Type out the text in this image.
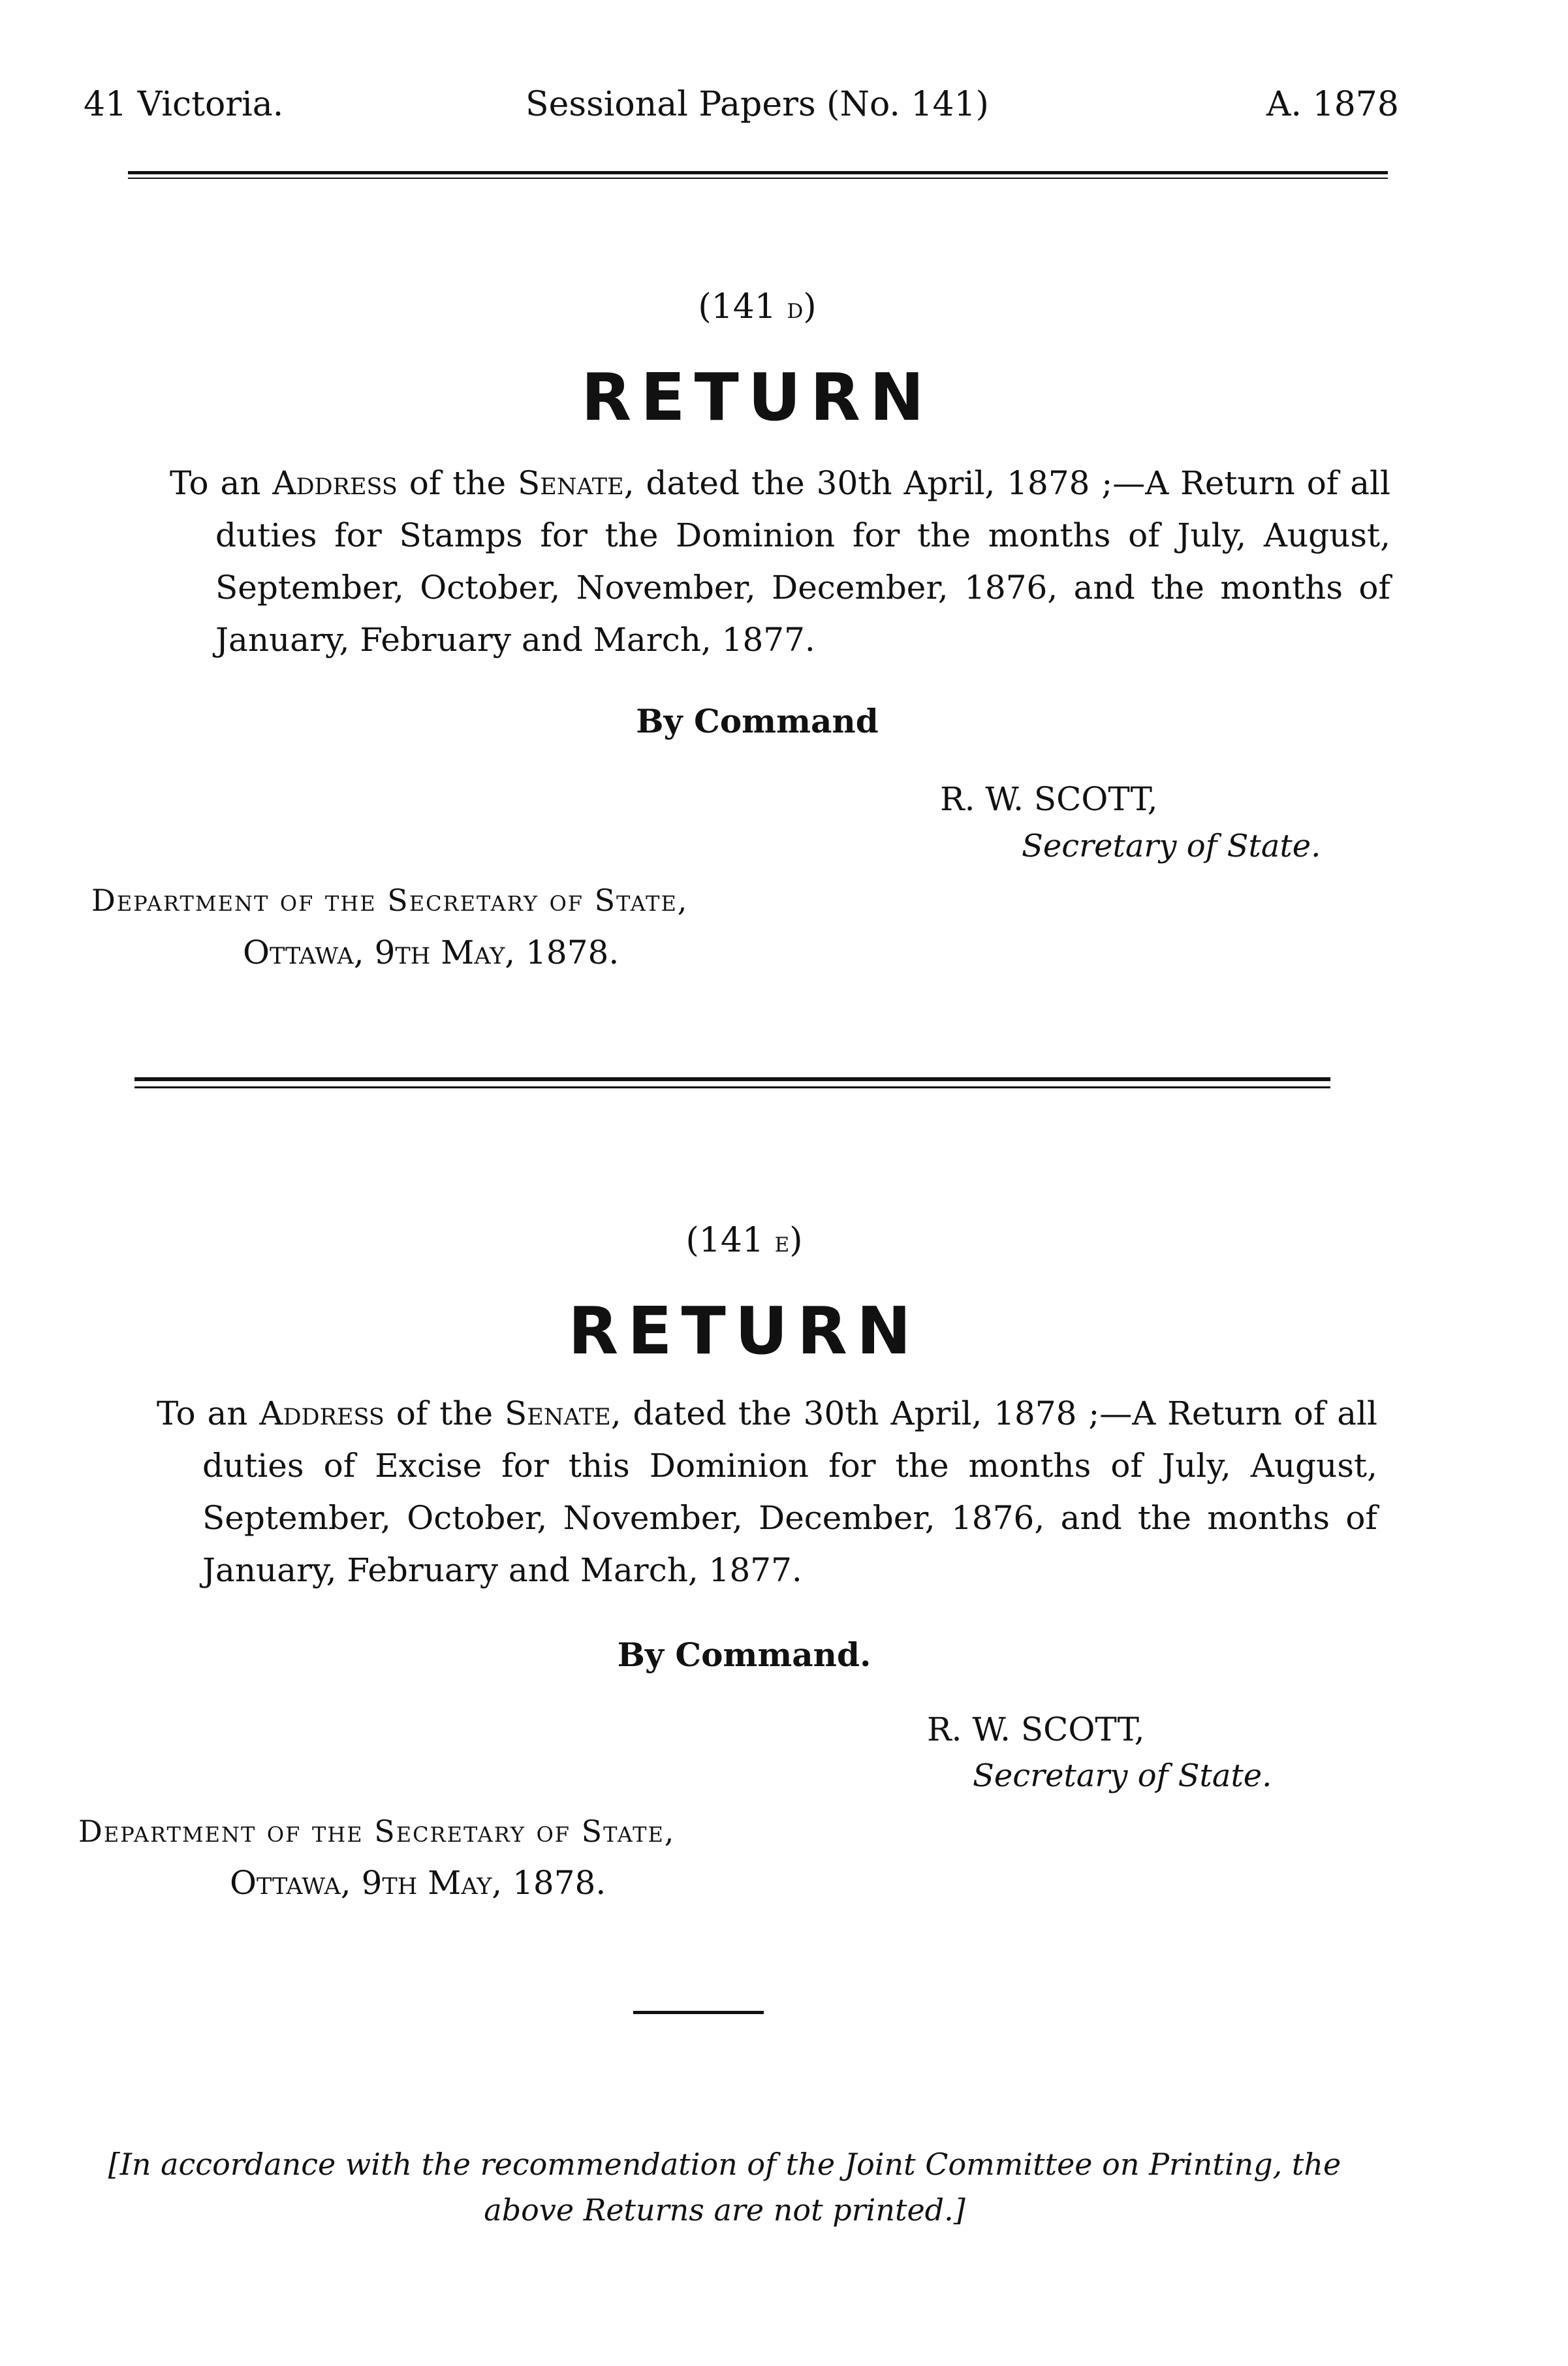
41 Victoria.	Sessional Papers (No. 141)	A. 1878
(141 d)
RETURN
To an Address of the Senate, dated the 30th April, 1878 ;—A Return of all duties for Stamps for the Dominion for the months of July, August, September, October, November, December, 1876, and the months of January, February and March, 1877.
By Command
R. W. SCOTT,
Secretary of State.
Department of the Secretary of State,
Ottawa, 9th May, 1878.
(141 e)
RETURN
To an Address of the Senate, dated the 30th April, 1878 ;—A Return of all duties of Excise for this Dominion for the months of July, August, September, October, November, December, 1876, and the months of January, February and March, 1877.
By Command.
R. W. SCOTT,
Secretary of State.
Department of the Secretary of State,
Ottawa, 9th May, 1878.
[In accordance with the recommendation of the Joint Committee on Printing, the above Returns are not printed.]
